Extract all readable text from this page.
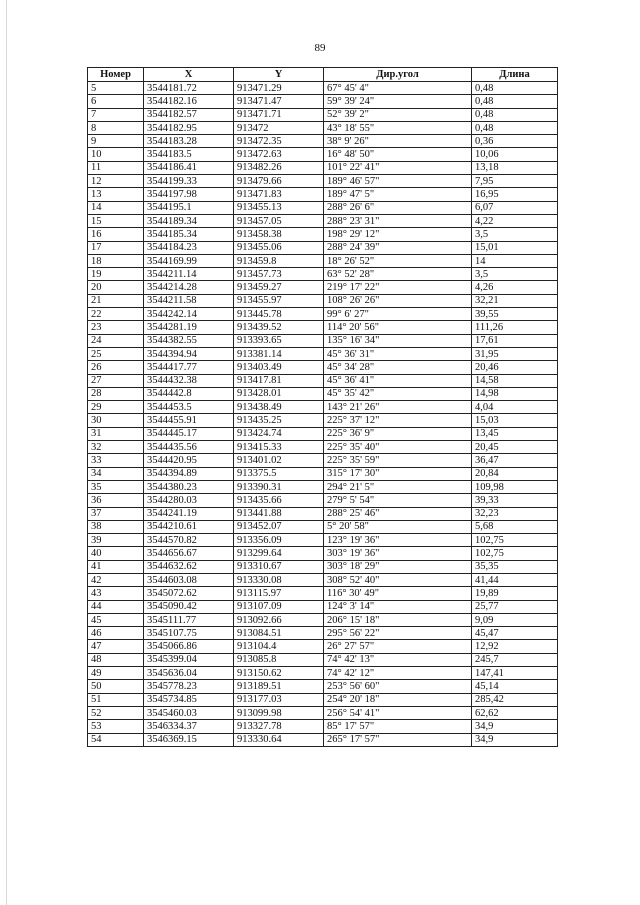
89
Номер	X	Y	Дир.угол	Длина
5	3544181.72	913471.29	67° 45' 4"	0,48
6	3544182.16	913471.47	59° 39' 24"	0,48
7	3544182.57	913471.71	52° 39' 2"	0,48
8	3544182.95	913472	43° 18' 55"	0,48
9	3544183.28	913472.35	38° 9' 26"	0,36
10	3544183.5	913472.63	16° 48' 50"	10,06
11	3544186.41	913482.26	101° 22' 41"	13,18
12	3544199.33	913479.66	189° 46' 57"	7,95
13	3544197.98	913471.83	189° 47' 5"	16,95
14	3544195.1	913455.13	288° 26' 6"	6,07
15	3544189.34	913457.05	288° 23' 31"	4,22
16	3544185.34	913458.38	198° 29' 12"	3,5
17	3544184.23	913455.06	288° 24' 39"	15,01
18	3544169.99	913459.8	18° 26' 52"	14
19	3544211.14	913457.73	63° 52' 28"	3,5
20	3544214.28	913459.27	219° 17' 22"	4,26
21	3544211.58	913455.97	108° 26' 26"	32,21
22	3544242.14	913445.78	99° 6' 27"	39,55
23	3544281.19	913439.52	114° 20' 56"	111,26
24	3544382.55	913393.65	135° 16' 34"	17,61
25	3544394.94	913381.14	45° 36' 31"	31,95
26	3544417.77	913403.49	45° 34' 28"	20,46
27	3544432.38	913417.81	45° 36' 41"	14,58
28	3544442.8	913428.01	45° 35' 42"	14,98
29	3544453.5	913438.49	143° 21' 26"	4,04
30	3544455.91	913435.25	225° 37' 12"	15,03
31	3544445.17	913424.74	225° 36' 9"	13,45
32	3544435.56	913415.33	225° 35' 40"	20,45
33	3544420.95	913401.02	225° 35' 59"	36,47
34	3544394.89	913375.5	315° 17' 30"	20,84
35	3544380.23	913390.31	294° 21' 5"	109,98
36	3544280.03	913435.66	279° 5' 54"	39,33
37	3544241.19	913441.88	288° 25' 46"	32,23
38	3544210.61	913452.07	5° 20' 58"	5,68
39	3544570.82	913356.09	123° 19' 36"	102,75
40	3544656.67	913299.64	303° 19' 36"	102,75
41	3544632.62	913310.67	303° 18' 29"	35,35
42	3544603.08	913330.08	308° 52' 40"	41,44
43	3545072.62	913115.97	116° 30' 49"	19,89
44	3545090.42	913107.09	124° 3' 14"	25,77
45	3545111.77	913092.66	206° 15' 18"	9,09
46	3545107.75	913084.51	295° 56' 22"	45,47
47	3545066.86	913104.4	26° 27' 57"	12,92
48	3545399.04	913085.8	74° 42' 13"	245,7
49	3545636.04	913150.62	74° 42' 12"	147,41
50	3545778.23	913189.51	253° 56' 60"	45,14
51	3545734.85	913177.03	254° 20' 18"	285,42
52	3545460.03	913099.98	256° 54' 41"	62,62
53	3546334.37	913327.78	85° 17' 57"	34,9
54	3546369.15	913330.64	265° 17' 57"	34,9
